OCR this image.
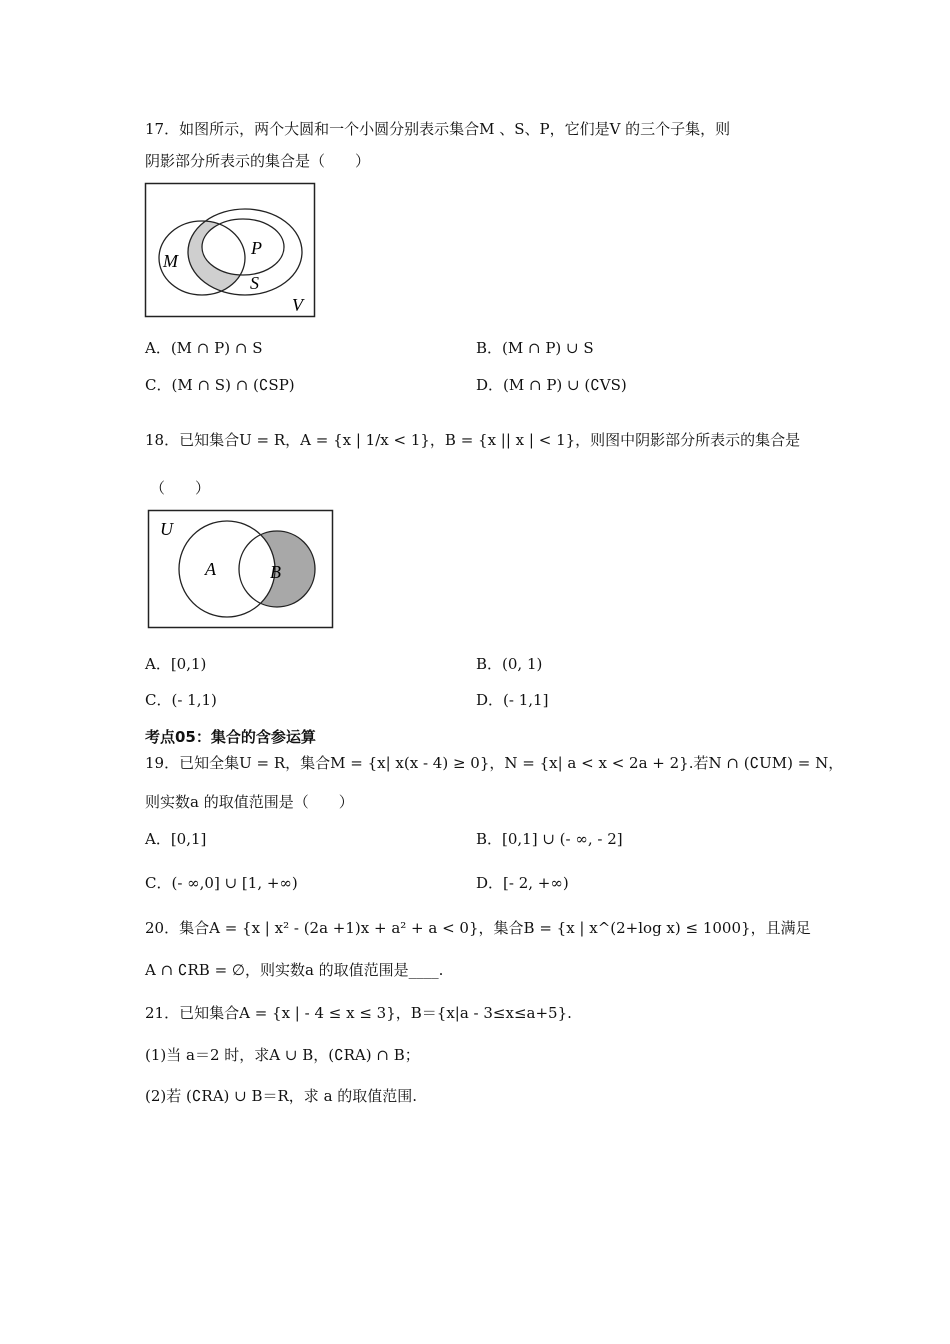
17．如图所示，两个大圆和一个小圆分别表示集合M 、S、P，它们是V 的三个子集，则
阴影部分所表示的集合是（　　）
M
P
S
V
A．(M ∩ P) ∩ S	B．(M ∩ P) ∪ S
C．(M ∩ S) ∩ (∁SP)	D．(M ∩ P) ∪ (∁VS)
18．已知集合U = R，A = {x | 1/x < 1}，B = {x || x | < 1}，则图中阴影部分所表示的集合是
（　　）
U
A	B
A．[0,1)	B．(0, 1)
C．(- 1,1)	D．(- 1,1]
考点05：集合的含参运算
19．已知全集U = R，集合M = {x| x(x - 4) ≥ 0}，N = {x| a < x < 2a + 2}.若N ∩ (∁UM) = N，
则实数a 的取值范围是（　　）
A．[0,1]	B．[0,1] ∪ (- ∞, - 2]
C．(- ∞,0] ∪ [1, +∞)	D．[- 2, +∞)
20．集合A = {x | x² - (2a +1)x + a² + a < 0}，集合B = {x | x^(2+log x) ≤ 1000}，且满足
A ∩ ∁RB = ∅，则实数a 的取值范围是____.
21．已知集合A = {x | - 4 ≤ x ≤ 3}，B＝{x|a - 3≤x≤a+5}.
(1)当 a＝2 时，求A ∪ B，(∁RA) ∩ B；
(2)若 (∁RA) ∪ B＝R，求 a 的取值范围.
